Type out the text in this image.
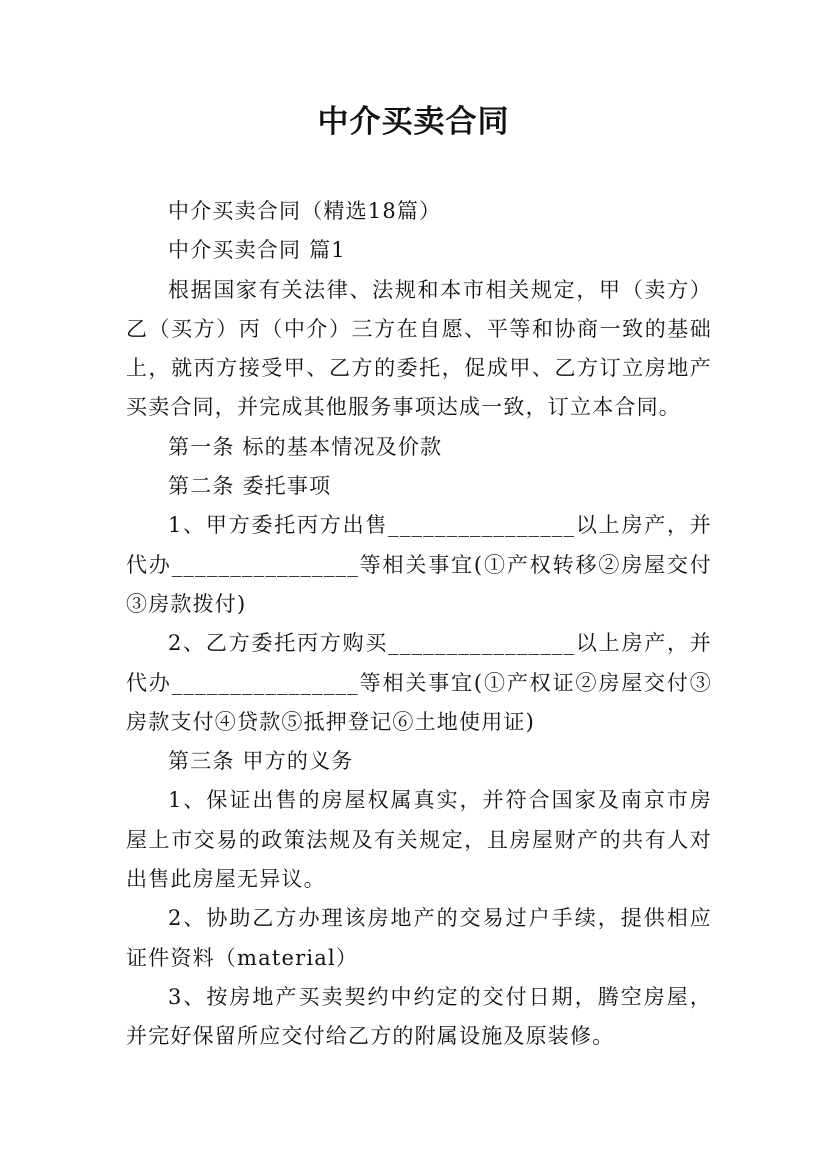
中介买卖合同

中介买卖合同（精选18篇）

中介买卖合同 篇1

根据国家有关法律、法规和本市相关规定，甲（卖方）乙（买方）丙（中介）三方在自愿、平等和协商一致的基础上，就丙方接受甲、乙方的委托，促成甲、乙方订立房地产买卖合同，并完成其他服务事项达成一致，订立本合同。

第一条 标的基本情况及价款

第二条 委托事项

1、甲方委托丙方出售________________以上房产，并代办________________等相关事宜(①产权转移②房屋交付③房款拨付)

2、乙方委托丙方购买________________以上房产，并代办________________等相关事宜(①产权证②房屋交付③房款支付④贷款⑤抵押登记⑥土地使用证)

第三条 甲方的义务

1、保证出售的房屋权属真实，并符合国家及南京市房屋上市交易的政策法规及有关规定，且房屋财产的共有人对出售此房屋无异议。

2、协助乙方办理该房地产的交易过户手续，提供相应证件资料（material）

3、按房地产买卖契约中约定的交付日期，腾空房屋，并完好保留所应交付给乙方的附属设施及原装修。
